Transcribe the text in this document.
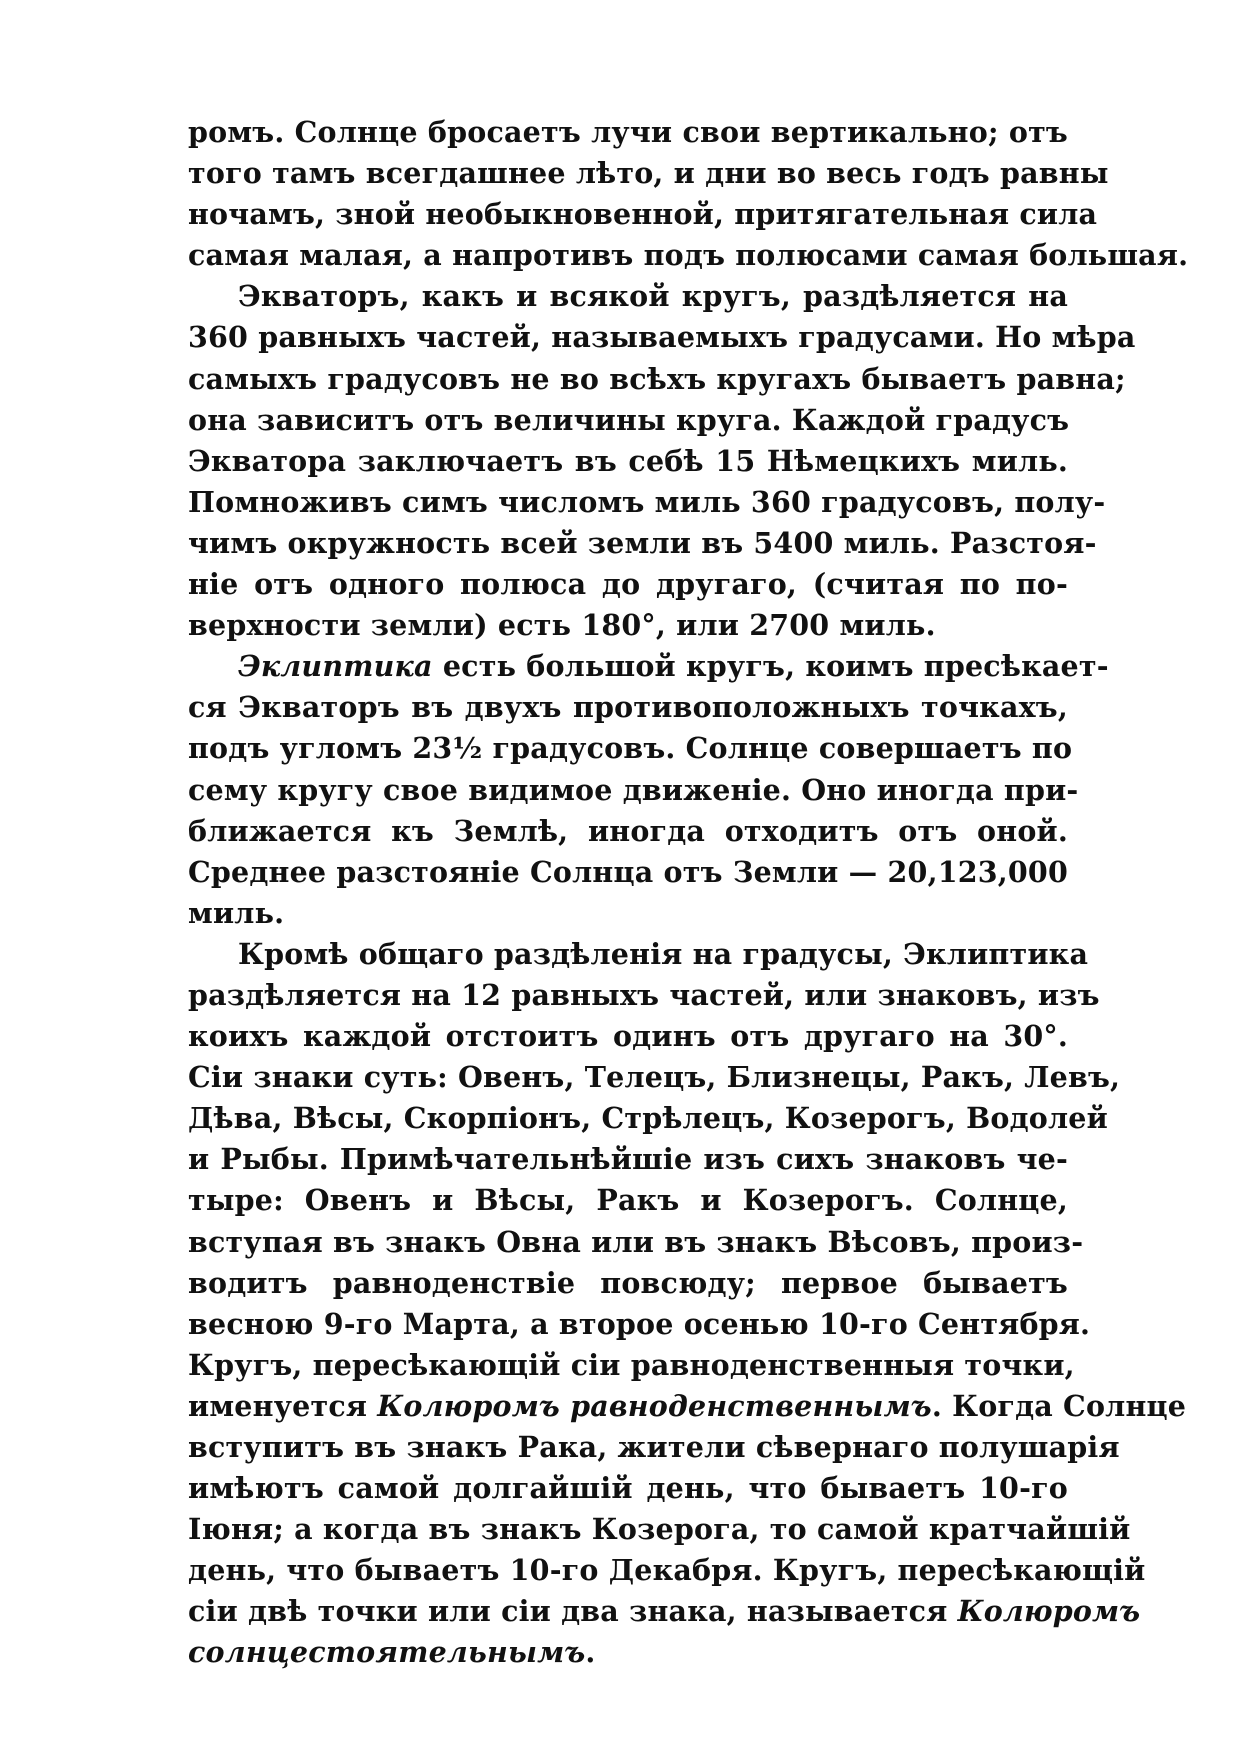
ромъ. Солнце бросаетъ лучи свои вертикально; отъ
того тамъ всегдашнее лѣто, и дни во весь годъ равны
ночамъ, зной необыкновенной, притягательная сила
самая малая, а напротивъ подъ полюсами самая большая.
Экваторъ, какъ и всякой кругъ, раздѣляется на
360 равныхъ частей, называемыхъ градусами. Но мѣра
самыхъ градусовъ не во всѣхъ кругахъ бываетъ равна;
она зависитъ отъ величины круга. Каждой градусъ
Экватора заключаетъ въ себѣ 15 Нѣмецкихъ миль.
Помноживъ симъ числомъ миль 360 градусовъ, полу-
чимъ окружность всей земли въ 5400 миль. Разстоя-
ніе отъ одного полюса до другаго, (считая по по-
верхности земли) есть 180°, или 2700 миль.
Эклиптика есть большой кругъ, коимъ пресѣкает-
ся Экваторъ въ двухъ противоположныхъ точкахъ,
подъ угломъ 23½ градусовъ. Солнце совершаетъ по
сему кругу свое видимое движеніе. Оно иногда при-
ближается къ Землѣ, иногда отходитъ отъ оной.
Среднее разстояніе Солнца отъ Земли — 20,123,000
миль.
Кромѣ общаго раздѣленія на градусы, Эклиптика
раздѣляется на 12 равныхъ частей, или знаковъ, изъ
коихъ каждой отстоитъ одинъ отъ другаго на 30°.
Сіи знаки суть: Овенъ, Телецъ, Близнецы, Ракъ, Левъ,
Дѣва, Вѣсы, Скорпіонъ, Стрѣлецъ, Козерогъ, Водолей
и Рыбы. Примѣчательнѣйшіе изъ сихъ знаковъ че-
тыре: Овенъ и Вѣсы, Ракъ и Козерогъ. Солнце,
вступая въ знакъ Овна или въ знакъ Вѣсовъ, произ-
водитъ равноденствіе повсюду; первое бываетъ
весною 9-го Марта, а второе осенью 10-го Сентября.
Кругъ, пересѣкающій сіи равноденственныя точки,
именуется Колюромъ равноденственнымъ. Когда Солнце
вступитъ въ знакъ Рака, жители сѣвернаго полушарія
имѣютъ самой долгайшій день, что бываетъ 10-го
Іюня; а когда въ знакъ Козерога, то самой кратчайшій
день, что бываетъ 10-го Декабря. Кругъ, пересѣкающій
сіи двѣ точки или сіи два знака, называется Колюромъ
солнцестоятельнымъ.
